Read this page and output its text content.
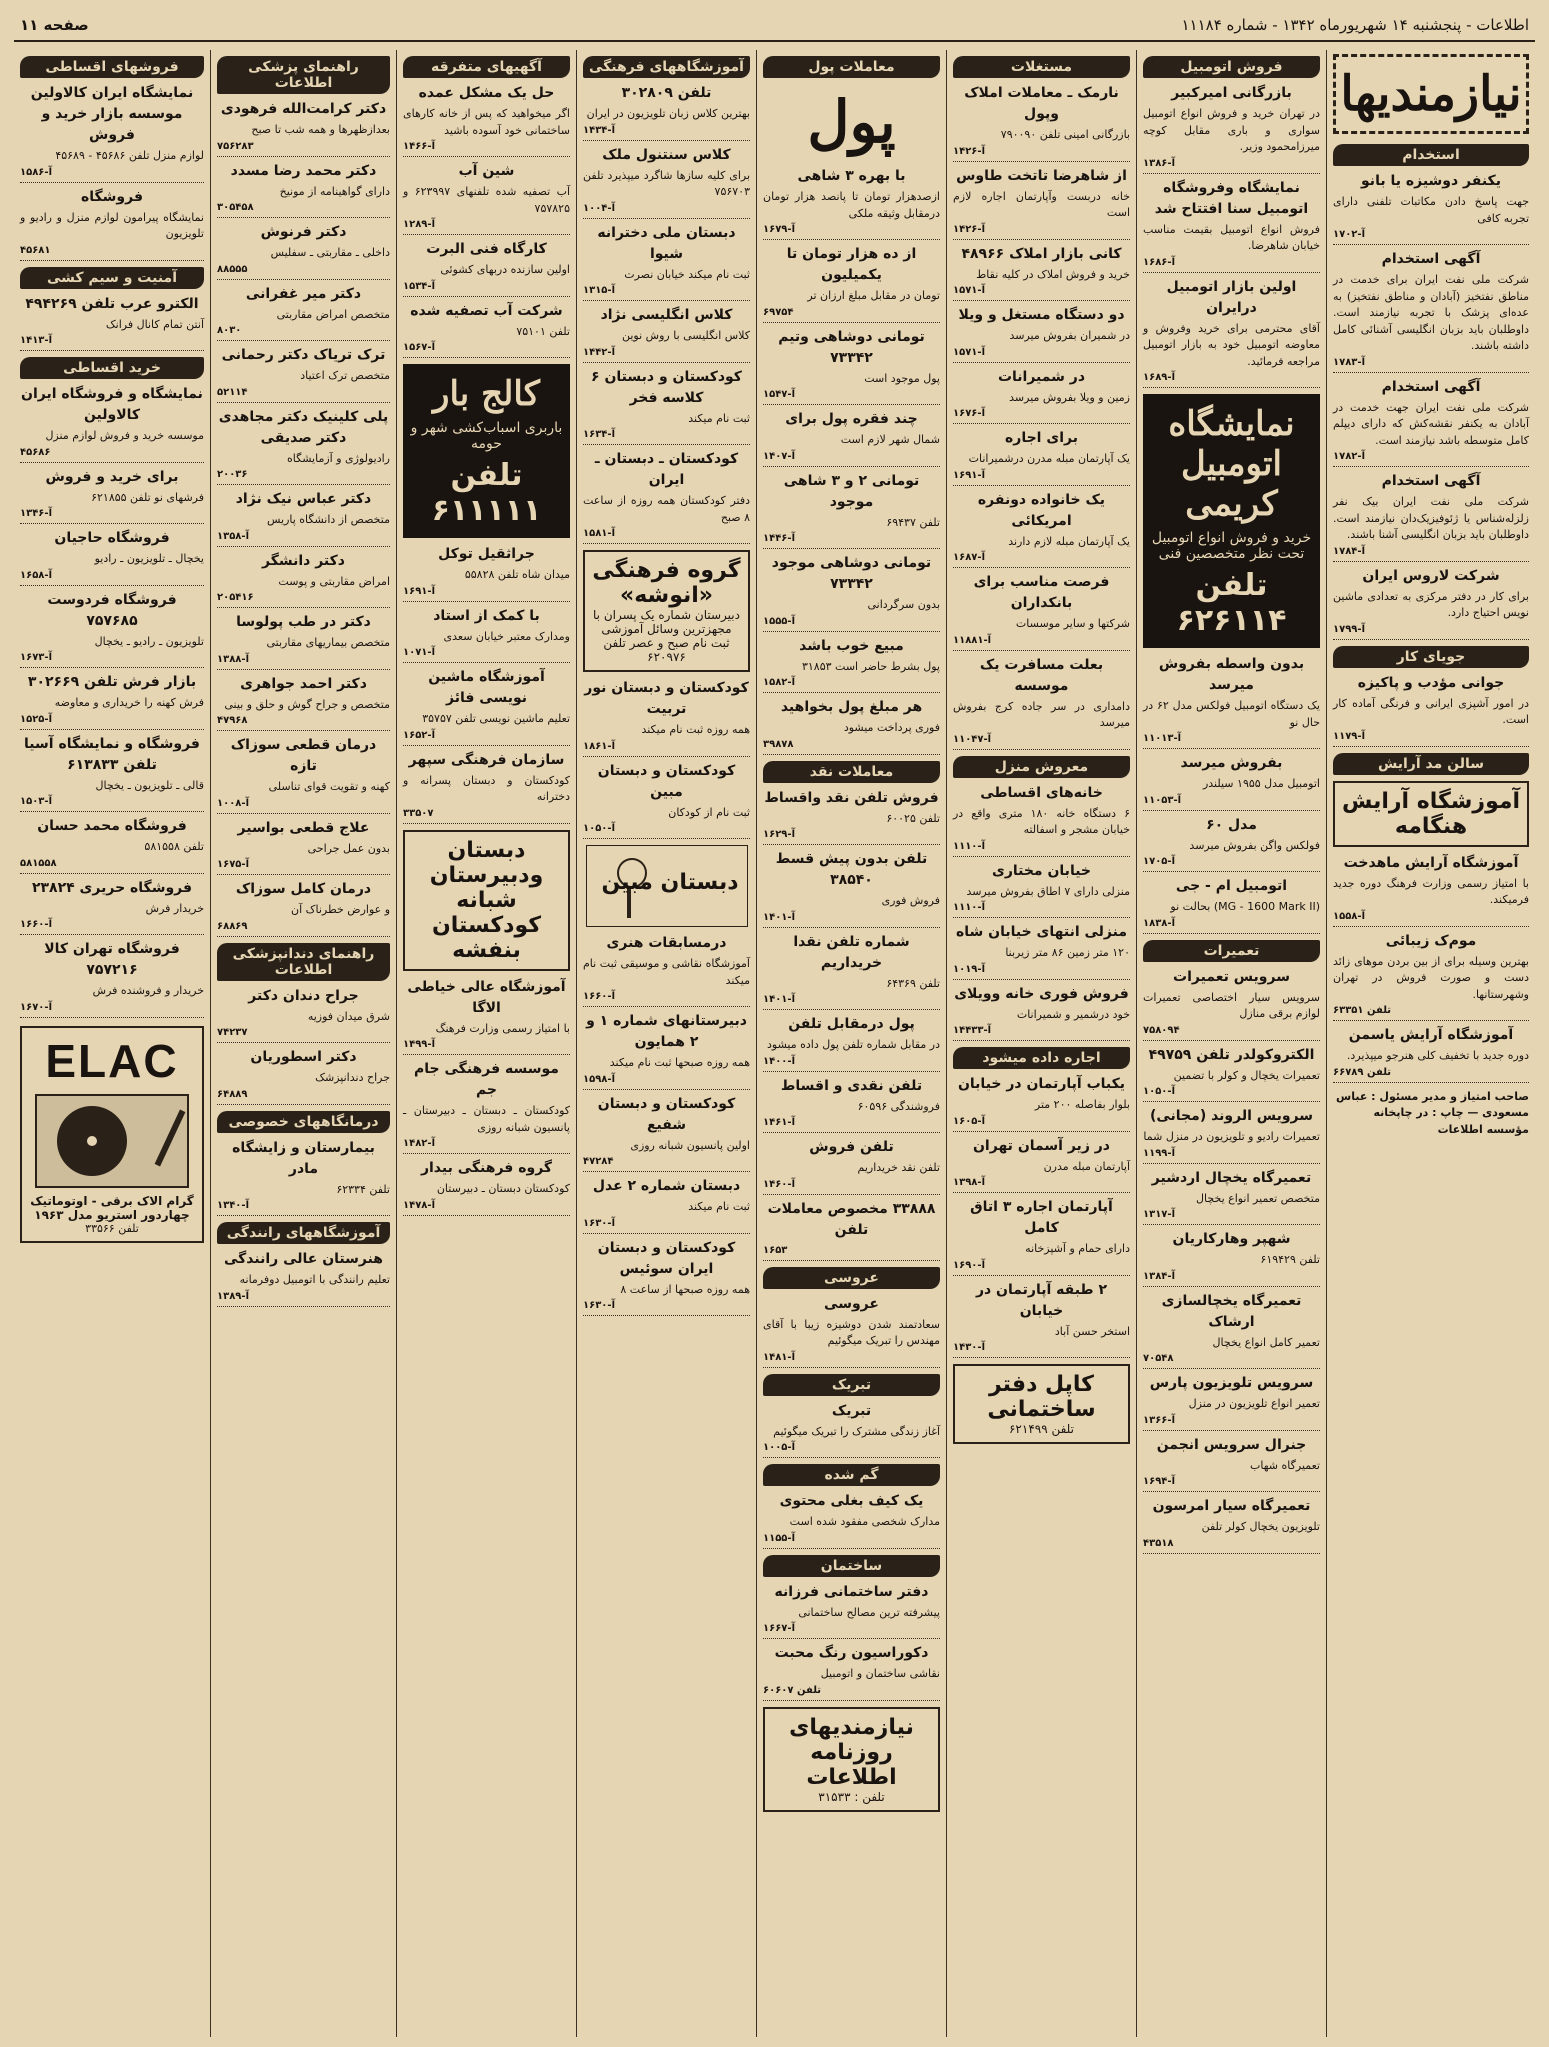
اطلاعات - پنجشنبه ۱۴ شهریورماه ۱۳۴۲ - شماره ۱۱۱۸۴
صفحه ۱۱
نیازمندیها
استخدام
یکنفر دوشیزه یا بانو
جهت پاسخ دادن مکاتبات تلفنی دارای تجربه کافی
آ-۱۷۰۲
آگهی استخدام
شرکت ملی نفت ایران برای خدمت در مناطق نفتخیز (آبادان و مناطق نفتخیز) به عده‌ای پزشک با تجربه نیازمند است. داوطلبان باید بزبان انگلیسی آشنائی کامل داشته باشند.
آ-۱۷۸۳
آگهی استخدام
شرکت ملی نفت ایران جهت خدمت در آبادان به یکنفر نقشه‌کش که دارای دیپلم کامل متوسطه باشد نیازمند است.
آ-۱۷۸۲
آگهی استخدام
شرکت ملی نفت ایران بیک نفر زلزله‌شناس یا ژئوفیزیک‌دان نیازمند است. داوطلبان باید بزبان انگلیسی آشنا باشند.
آ-۱۷۸۴
شرکت لاروس ایران
برای کار در دفتر مرکزی به تعدادی ماشین نویس احتیاج دارد.
آ-۱۷۹۹
جویای کار
جوانی مؤدب و پاکیزه
در امور آشپزی ایرانی و فرنگی آماده کار است.
آ-۱۱۷۹
سالن مد آرایش
آموزشگاه آرایش هنگامه
آموزشگاه آرایش ماهدخت
با امتیاز رسمی وزارت فرهنگ دوره جدید فرمیکند.
آ-۱۵۵۸
موم‌ک زیبائی
بهترین وسیله برای از بین بردن موهای زائد دست و صورت فروش در تهران وشهرستانها.
تلفن ۶۳۳۵۱
آموزشگاه آرایش یاسمن
دوره جدید با تخفیف کلی هنرجو میپذیرد.
تلفن ۶۶۷۸۹
صاحب امتیاز و مدیر مسئول : عباس مسعودی — چاپ : در چاپخانه مؤسسه اطلاعات
فروش اتومبیل
بازرگانی امیرکبیر
در تهران خرید و فروش انواع اتومبیل سواری و باری مقابل کوچه میرزامحمود وزیر.
آ-۱۳۸۶
نمایشگاه وفروشگاه اتومبیل سنا افتتاح شد
فروش انواع اتومبیل بقیمت مناسب خیابان شاهرضا.
آ-۱۶۸۶
اولین بازار اتومبیل درایران
آقای محترمی برای خرید وفروش و معاوضه اتومبیل خود به بازار اتومبیل مراجعه فرمائید.
آ-۱۶۸۹
نمایشگاه اتومبیل کریمی
خرید و فروش انواع اتومبیل تحت نظر متخصصین فنی
تلفن ۶۲۶۱۱۴
بدون واسطه بفروش میرسد
یک دستگاه اتومبیل فولکس مدل ۶۲ در حال نو
آ-۱۱۰۱۳
بفروش میرسد
اتومبیل مدل ۱۹۵۵ سیلندر
آ-۱۱۰۵۳
مدل ۶۰
فولکس واگن بفروش میرسد
آ-۱۷۰۵
اتومبیل ام - جی
(MG - 1600 Mark II) بحالت نو
آ-۱۸۳۸
تعمیرات
سرویس تعمیرات
سرویس سیار اختصاصی تعمیرات لوازم برقی منازل
۷۵۸۰۹۴
الکتروکولدر تلفن ۴۹۷۵۹
تعمیرات یخچال و کولر با تضمین
آ-۱۰۵۰
سرویس الروند (مجانی)
تعمیرات رادیو و تلویزیون در منزل شما
آ-۱۱۹۹
تعمیرگاه یخچال اردشیر
متخصص تعمیر انواع یخچال
آ-۱۳۱۷
شهپر وهارکاریان
تلفن ۶۱۹۴۲۹
آ-۱۳۸۴
تعمیرگاه یخچالسازی ارشاک
تعمیر کامل انواع یخچال
۷۰۵۴۸
سرویس تلویزیون پارس
تعمیر انواع تلویزیون در منزل
آ-۱۳۶۶
جنرال سرویس انجمن
تعمیرگاه شهاب
آ-۱۶۹۴
تعمیرگاه سیار امرسون
تلویزیون یخچال کولر تلفن
۴۳۵۱۸
مستغلات
نارمک ـ معاملات املاک وپول
بازرگانی امینی تلفن ۷۹۰۰۹۰
آ-۱۴۲۶
از شاهرضا تاتخت طاوس
خانه دربست وآپارتمان اجاره لازم است
آ-۱۴۲۶
کانی بازار املاک ۴۸۹۶۶
خرید و فروش املاک در کلیه نقاط
آ-۱۵۷۱
دو دستگاه مستغل و ویلا
در شمیران بفروش میرسد
آ-۱۵۷۱
در شمیرانات
زمین و ویلا بفروش میرسد
آ-۱۶۷۶
برای اجاره
یک آپارتمان مبله مدرن درشمیرانات
آ-۱۶۹۱
یک خانواده دونفره امریکائی
یک آپارتمان مبله لازم دارند
آ-۱۶۸۷
فرصت مناسب برای بانکداران
شرکتها و سایر موسسات
آ-۱۱۸۸۱
بعلت مسافرت یک موسسه
دامداری در سر جاده کرج بفروش میرسد
آ-۱۱۰۴۷
معروش منزل
خانه‌های اقساطی
۶ دستگاه خانه ۱۸۰ متری واقع در خیابان مشجر و اسفالته
آ-۱۱۱۰
خیابان مختاری
منزلی دارای ۷ اطاق بفروش میرسد
آ-۱۱۱۰
منزلی انتهای خیابان شاه
۱۲۰ متر زمین ۸۶ متر زیربنا
آ-۱۰۱۹
فروش فوری خانه وویلای
خود درشمیر و شمیرانات
آ-۱۴۴۳۳
اجاره داده میشود
یکباب آپارتمان در خیابان
بلوار بفاصله ۲۰۰ متر
آ-۱۶۰۵
در زیر آسمان تهران
آپارتمان مبله مدرن
آ-۱۳۹۸
آپارتمان اجاره ۳ اتاق کامل
دارای حمام و آشپزخانه
آ-۱۶۹۰
۲ طبقه آپارتمان در خیابان
استخر حسن آباد
آ-۱۴۳۰
کاپل دفتر ساختمانی
تلفن ۶۲۱۴۹۹
معاملات پول
پول
با بهره ۳ شاهی
ازصدهزار تومان تا پانصد هزار تومان درمقابل وثیقه ملکی
آ-۱۶۷۹
از ده هزار تومان تا یکمیلیون
تومان در مقابل مبلغ ارزان تر
۶۹۷۵۴
تومانی دوشاهی وتیم ۷۳۳۴۲
پول موجود است
آ-۱۵۴۷
چند فقره پول برای
شمال شهر لازم است
آ-۱۴۰۷
تومانی ۲ و ۳ شاهی موجود
تلفن ۶۹۴۳۷
آ-۱۴۴۶
تومانی دوشاهی موجود ۷۳۳۴۲
بدون سرگردانی
آ-۱۵۵۵
مبیع خوب باشد
پول بشرط حاضر است ۳۱۸۵۳
آ-۱۵۸۲
هر مبلغ پول بخواهید
فوری پرداخت میشود
۳۹۸۷۸
معاملات نقد
فروش تلفن نقد واقساط
تلفن ۶۰۰۲۵
آ-۱۶۲۹
تلفن بدون پیش قسط ۳۸۵۴۰
فروش فوری
آ-۱۴۰۱
شماره تلفن نقدا خریداریم
تلفن ۶۴۳۶۹
آ-۱۴۰۱
پول درمقابل تلفن
در مقابل شماره تلفن پول داده میشود
آ-۱۴۰۰
تلفن نقدی و اقساط
فروشندگی ۶۰۵۹۶
آ-۱۴۶۱
تلفن فروش
تلفن نقد خریداریم
آ-۱۴۶۰
۳۳۸۸۸ مخصوص معاملات تلفن
۱۶۵۳
عروسی
عروسی
سعادتمند شدن دوشیزه زیبا با آقای مهندس را تبریک میگوئیم
آ-۱۴۸۱
تبریک
تبریک
آغاز زندگی مشترک را تبریک میگوئیم
آ-۱۰۰۵
گم شده
یک کیف بغلی محتوی
مدارک شخصی مفقود شده است
آ-۱۱۵۵
ساختمان
دفتر ساختمانی فرزانه
پیشرفته ترین مصالح ساختمانی
آ-۱۶۶۷
دکوراسیون رنگ محبت
نقاشی ساختمان و اتومبیل
تلفن ۶۰۶۰۷
نیازمندیهای روزنامه اطلاعات
تلفن : ۳۱۵۳۳
آموزشگاههای فرهنگی
تلفن ۳۰۲۸۰۹
بهترین کلاس زبان تلویزیون در ایران
آ-۱۴۳۴
کلاس سنتنول ملک
برای کلیه سازها شاگرد میپذیرد تلفن ۷۵۶۷۰۳
آ-۱۰۰۴
دبستان ملی دخترانه شیوا
ثبت نام میکند خیابان نصرت
آ-۱۳۱۵
کلاس انگلیسی نژاد
کلاس انگلیسی با روش نوین
آ-۱۴۴۲
کودکستان و دبستان ۶ کلاسه فخر
ثبت نام میکند
آ-۱۶۳۴
کودکستان ـ دبستان ـ ایران
دفتر کودکستان همه روزه از ساعت ۸ صبح
آ-۱۵۸۱
گروه فرهنگی «انوشه»
دبیرستان شماره یک پسران با مجهزترین وسائل آموزشی ثبت نام صبح و عصر تلفن ۶۲۰۹۷۶
کودکستان و دبستان نور تربیت
همه روزه ثبت نام میکند
آ-۱۸۶۱
کودکستان و دبستان مبین
ثبت نام از کودکان
آ-۱۰۵۰
دبستان مبین
درمسابقات هنری
آموزشگاه نقاشی و موسیقی ثبت نام میکند
آ-۱۶۶۰
دبیرستانهای شماره ۱ و ۲ همایون
همه روزه صبحها ثبت نام میکند
آ-۱۵۹۸
کودکستان و دبستان شفیع
اولین پانسیون شبانه روزی
۴۷۲۸۴
دبستان شماره ۲ عدل
ثبت نام میکند
آ-۱۶۳۰
کودکستان و دبستان ایران سوئیس
همه روزه صبحها از ساعت ۸
آ-۱۶۳۰
آگهیهای متفرقه
حل یک مشکل عمده
اگر میخواهید که پس از خانه کارهای ساختمانی خود آسوده باشید
آ-۱۴۶۶
شین آب
آب تصفیه شده تلفنهای ۶۲۳۹۹۷ و ۷۵۷۸۲۵
آ-۱۲۸۹
کارگاه فنی البرت
اولین سازنده دربهای کشوئی
آ-۱۵۳۴
شرکت آب تصفیه شده
تلفن ۷۵۱۰۱
آ-۱۵۶۷
کالج بار
باربری اسباب‌کشی شهر و حومه
تلفن ۶۱۱۱۱۱
جراثقیل توکل
میدان شاه تلفن ۵۵۸۲۸
آ-۱۶۹۱
با کمک از استاد
ومدارک معتبر خیابان سعدی
آ-۱۰۷۱
آموزشگاه ماشین نویسی فائز
تعلیم ماشین نویسی تلفن ۳۵۷۵۷
آ-۱۶۵۲
سازمان فرهنگی سپهر
کودکستان و دبستان پسرانه و دخترانه
۳۳۵۰۷
دبستان ودبیرستان شبانه کودکستان بنفشه
آموزشگاه عالی خیاطی الاگا
با امتیاز رسمی وزارت فرهنگ
آ-۱۴۹۹
موسسه فرهنگی جام جم
کودکستان ـ دبستان ـ دبیرستان ـ پانسیون شبانه روزی
آ-۱۴۸۲
گروه فرهنگی بیدار
کودکستان دبستان ـ دبیرستان
آ-۱۴۷۸
راهنمای پزشکی اطلاعات
دکتر کرامت‌الله فرهودی
بعدازظهرها و همه شب تا صبح
۷۵۶۲۸۳
دکتر محمد رضا مسدد
دارای گواهینامه از مونیخ
۳۰۵۴۵۸
دکتر فرنوش
داخلی ـ مقاربتی ـ سفلیس
۸۸۵۵۵
دکتر میر غفرانی
متخصص امراض مقاربتی
۸۰۳۰
ترک تریاک دکتر رحمانی
متخصص ترک اعتیاد
۵۲۱۱۴
پلی کلینیک دکتر مجاهدی دکتر صدیقی
رادیولوژی و آزمایشگاه
۲۰۰۳۶
دکتر عباس نیک نژاد
متخصص از دانشگاه پاریس
آ-۱۳۵۸
دکتر دانشگر
امراض مقاربتی و پوست
۲۰۵۴۱۶
دکتر در طب پولوسا
متخصص بیماریهای مقاربتی
آ-۱۳۸۸
دکتر احمد جواهری
متخصص و جراح گوش و حلق و بینی
۴۷۹۶۸
درمان قطعی سوزاک تازه
کهنه و تقویت قوای تناسلی
آ-۱۰۰۸
علاج قطعی بواسیر
بدون عمل جراحی
آ-۱۶۷۵
درمان کامل سوزاک
و عوارض خطرناک آن
۶۸۸۶۹
راهنمای دندانپزشکی اطلاعات
جراح دندان دکتر
شرق میدان فوزیه
۷۴۲۳۷
دکتر اسطوریان
جراح دندانپزشک
۶۴۸۸۹
درمانگاههای خصوصی
بیمارستان و زایشگاه مادر
تلفن ۶۲۳۳۴
آ-۱۳۴۰
آموزشگاههای رانندگی
هنرستان عالی رانندگی
تعلیم رانندگی با اتومبیل دوفرمانه
آ-۱۳۸۹
فروشهای اقساطی
نمایشگاه ایران کالاولین موسسه بازار خرید و فروش
لوازم منزل تلفن ۴۵۶۸۶ - ۴۵۶۸۹
آ-۱۵۸۶
فروشگاه
نمایشگاه پیرامون لوازم منزل و رادیو و تلویزیون
۴۵۶۸۱
آمنیت و سیم کشی
الکترو عرب تلفن ۴۹۴۲۶۹
آنتن تمام کانال فرانک
آ-۱۴۱۳
خرید اقساطی
نمایشگاه و فروشگاه ایران کالاولین
موسسه خرید و فروش لوازم منزل
۴۵۶۸۶
برای خرید و فروش
فرشهای نو تلفن ۶۲۱۸۵۵
آ-۱۳۴۶
فروشگاه حاجیان
یخچال ـ تلویزیون ـ رادیو
آ-۱۶۵۸
فروشگاه فردوست ۷۵۷۶۸۵
تلویزیون ـ رادیو ـ یخچال
آ-۱۶۷۳
بازار فرش تلفن ۳۰۲۶۶۹
فرش کهنه را خریداری و معاوضه
آ-۱۵۲۵
فروشگاه و نمایشگاه آسیا تلفن ۶۱۳۸۳۳
قالی ـ تلویزیون ـ یخچال
آ-۱۵۰۳
فروشگاه محمد حسان
تلفن ۵۸۱۵۵۸
۵۸۱۵۵۸
فروشگاه حریری ۲۳۸۲۴
خریدار فرش
آ-۱۶۶۰
فروشگاه تهران کالا ۷۵۷۲۱۶
خریدار و فروشنده فرش
آ-۱۶۷۰
ELAC
گرام الاک برقی - اوتوماتیک
چهاردور استریو مدل ۱۹۶۳
تلفن ۳۳۵۶۶
